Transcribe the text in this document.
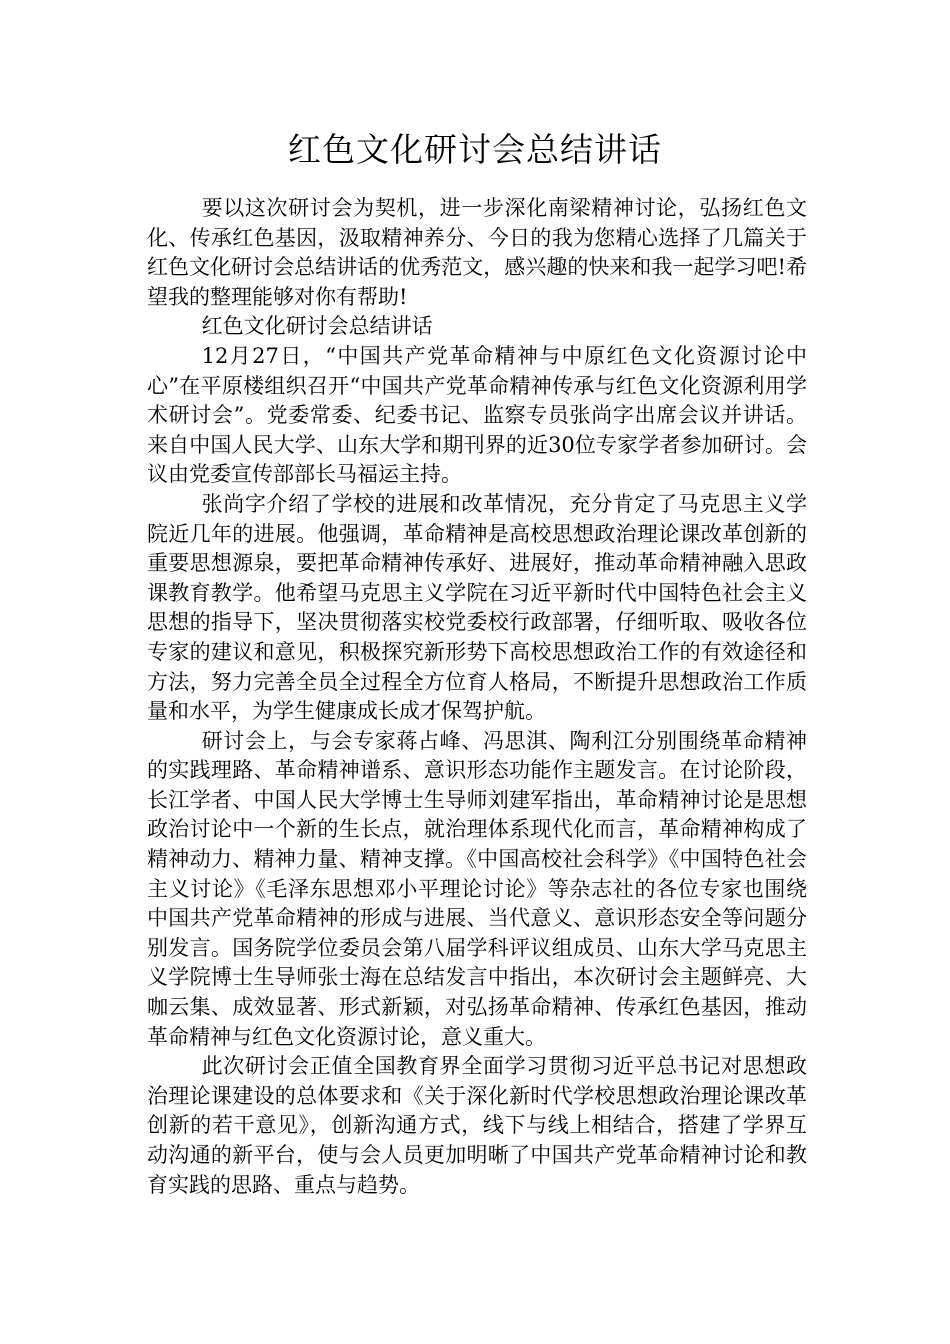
红色文化研讨会总结讲话

要以这次研讨会为契机，进一步深化南梁精神讨论，弘扬红色文化、传承红色基因，汲取精神养分、今日的我为您精心选择了几篇关于红色文化研讨会总结讲话的优秀范文，感兴趣的快来和我一起学习吧!希望我的整理能够对你有帮助!

红色文化研讨会总结讲话

12月27日，“中国共产党革命精神与中原红色文化资源讨论中心”在平原楼组织召开“中国共产党革命精神传承与红色文化资源利用学术研讨会”。党委常委、纪委书记、监察专员张尚字出席会议并讲话。来自中国人民大学、山东大学和期刊界的近30位专家学者参加研讨。会议由党委宣传部部长马福运主持。

张尚字介绍了学校的进展和改革情况，充分肯定了马克思主义学院近几年的进展。他强调，革命精神是高校思想政治理论课改革创新的重要思想源泉，要把革命精神传承好、进展好，推动革命精神融入思政课教育教学。他希望马克思主义学院在习近平新时代中国特色社会主义思想的指导下，坚决贯彻落实校党委校行政部署，仔细听取、吸收各位专家的建议和意见，积极探究新形势下高校思想政治工作的有效途径和方法，努力完善全员全过程全方位育人格局，不断提升思想政治工作质量和水平，为学生健康成长成才保驾护航。

研讨会上，与会专家蒋占峰、冯思淇、陶利江分别围绕革命精神的实践理路、革命精神谱系、意识形态功能作主题发言。在讨论阶段，长江学者、中国人民大学博士生导师刘建军指出，革命精神讨论是思想政治讨论中一个新的生长点，就治理体系现代化而言，革命精神构成了精神动力、精神力量、精神支撑。《中国高校社会科学》《中国特色社会主义讨论》《毛泽东思想邓小平理论讨论》等杂志社的各位专家也围绕中国共产党革命精神的形成与进展、当代意义、意识形态安全等问题分别发言。国务院学位委员会第八届学科评议组成员、山东大学马克思主义学院博士生导师张士海在总结发言中指出，本次研讨会主题鲜亮、大咖云集、成效显著、形式新颖，对弘扬革命精神、传承红色基因，推动革命精神与红色文化资源讨论，意义重大。

此次研讨会正值全国教育界全面学习贯彻习近平总书记对思想政治理论课建设的总体要求和《关于深化新时代学校思想政治理论课改革创新的若干意见》，创新沟通方式，线下与线上相结合，搭建了学界互动沟通的新平台，使与会人员更加明晰了中国共产党革命精神讨论和教育实践的思路、重点与趋势。
